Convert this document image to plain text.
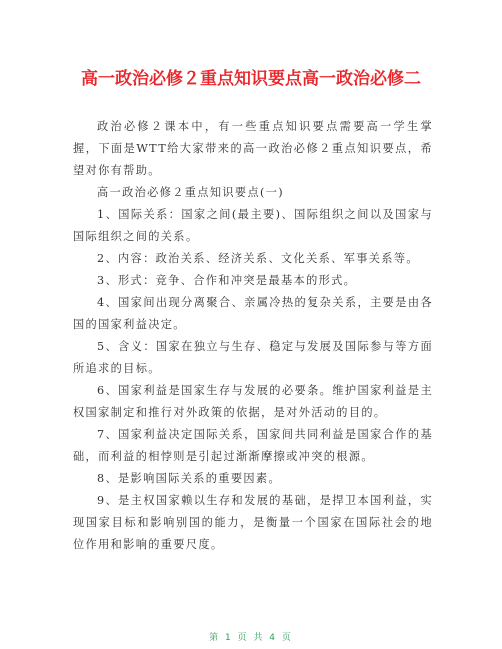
高一政治必修２重点知识要点高一政治必修二

政治必修２课本中，有一些重点知识要点需要高一学生掌握，下面是WTT给大家带来的高一政治必修２重点知识要点，希望对你有帮助。

高一政治必修２重点知识要点(一)

1、国际关系：国家之间(最主要)、国际组织之间以及国家与国际组织之间的关系。

2、内容：政治关系、经济关系、文化关系、军事关系等。

3、形式：竞争、合作和冲突是最基本的形式。

4、国家间出现分离聚合、亲属冷热的复杂关系，主要是由各国的国家利益决定。

5、含义：国家在独立与生存、稳定与发展及国际参与等方面所追求的目标。

6、国家利益是国家生存与发展的必要条。维护国家利益是主权国家制定和推行对外政策的依据，是对外活动的目的。

7、国家利益决定国际关系，国家间共同利益是国家合作的基础，而利益的相悖则是引起过渐渐摩擦或冲突的根源。

8、是影响国际关系的重要因素。

9、是主权国家赖以生存和发展的基础，是捍卫本国利益，实现国家目标和影响别国的能力，是衡量一个国家在国际社会的地位作用和影响的重要尺度。

第 1 页 共 4 页
